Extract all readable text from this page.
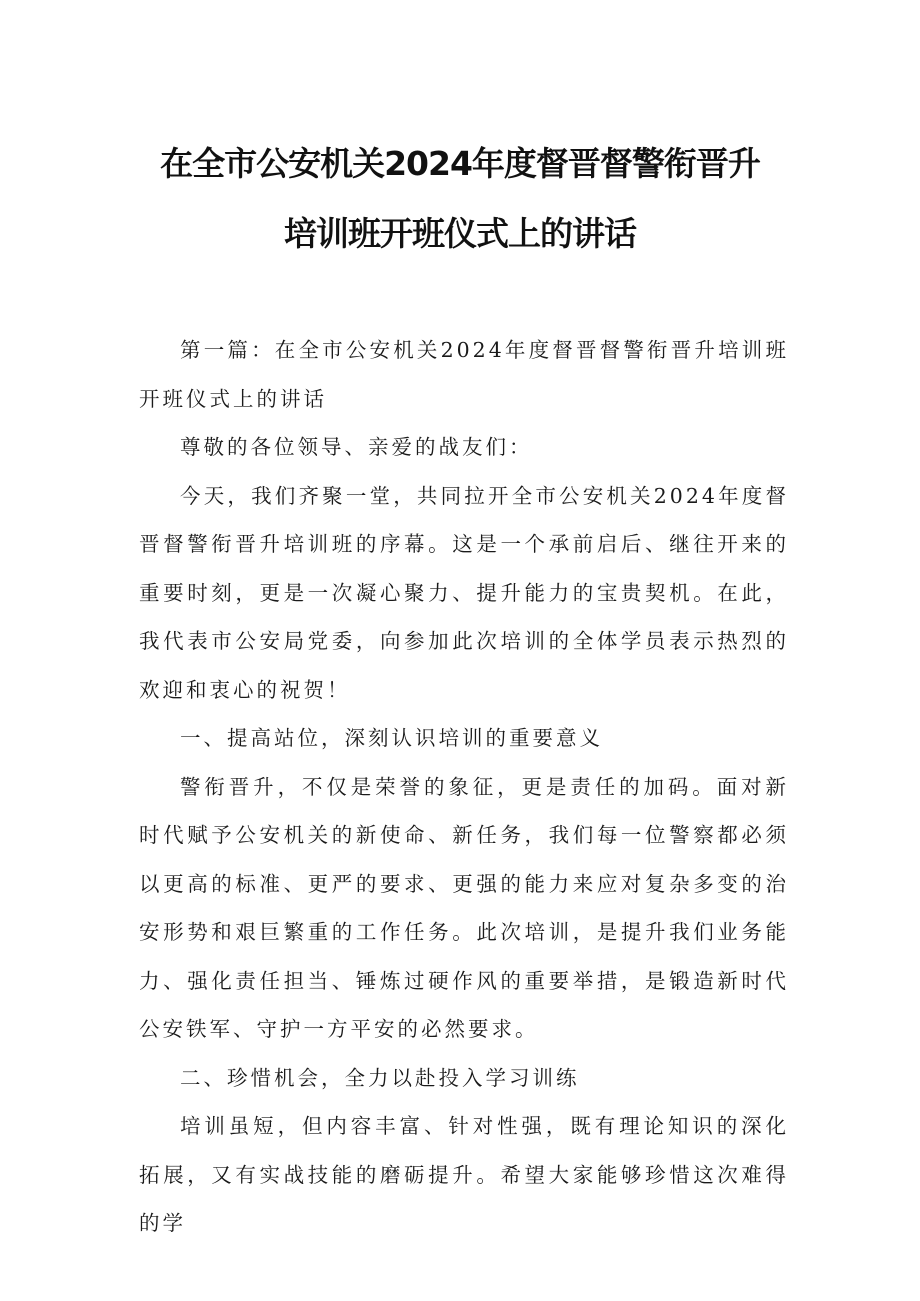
在全市公安机关2024年度督晋督警衔晋升
培训班开班仪式上的讲话

第一篇：在全市公安机关2024年度督晋督警衔晋升培训班开班仪式上的讲话

尊敬的各位领导、亲爱的战友们：

今天，我们齐聚一堂，共同拉开全市公安机关2024年度督晋督警衔晋升培训班的序幕。这是一个承前启后、继往开来的重要时刻，更是一次凝心聚力、提升能力的宝贵契机。在此，我代表市公安局党委，向参加此次培训的全体学员表示热烈的欢迎和衷心的祝贺！

一、提高站位，深刻认识培训的重要意义

警衔晋升，不仅是荣誉的象征，更是责任的加码。面对新时代赋予公安机关的新使命、新任务，我们每一位警察都必须以更高的标准、更严的要求、更强的能力来应对复杂多变的治安形势和艰巨繁重的工作任务。此次培训，是提升我们业务能力、强化责任担当、锤炼过硬作风的重要举措，是锻造新时代公安铁军、守护一方平安的必然要求。

二、珍惜机会，全力以赴投入学习训练

培训虽短，但内容丰富、针对性强，既有理论知识的深化拓展，又有实战技能的磨砺提升。希望大家能够珍惜这次难得的学
